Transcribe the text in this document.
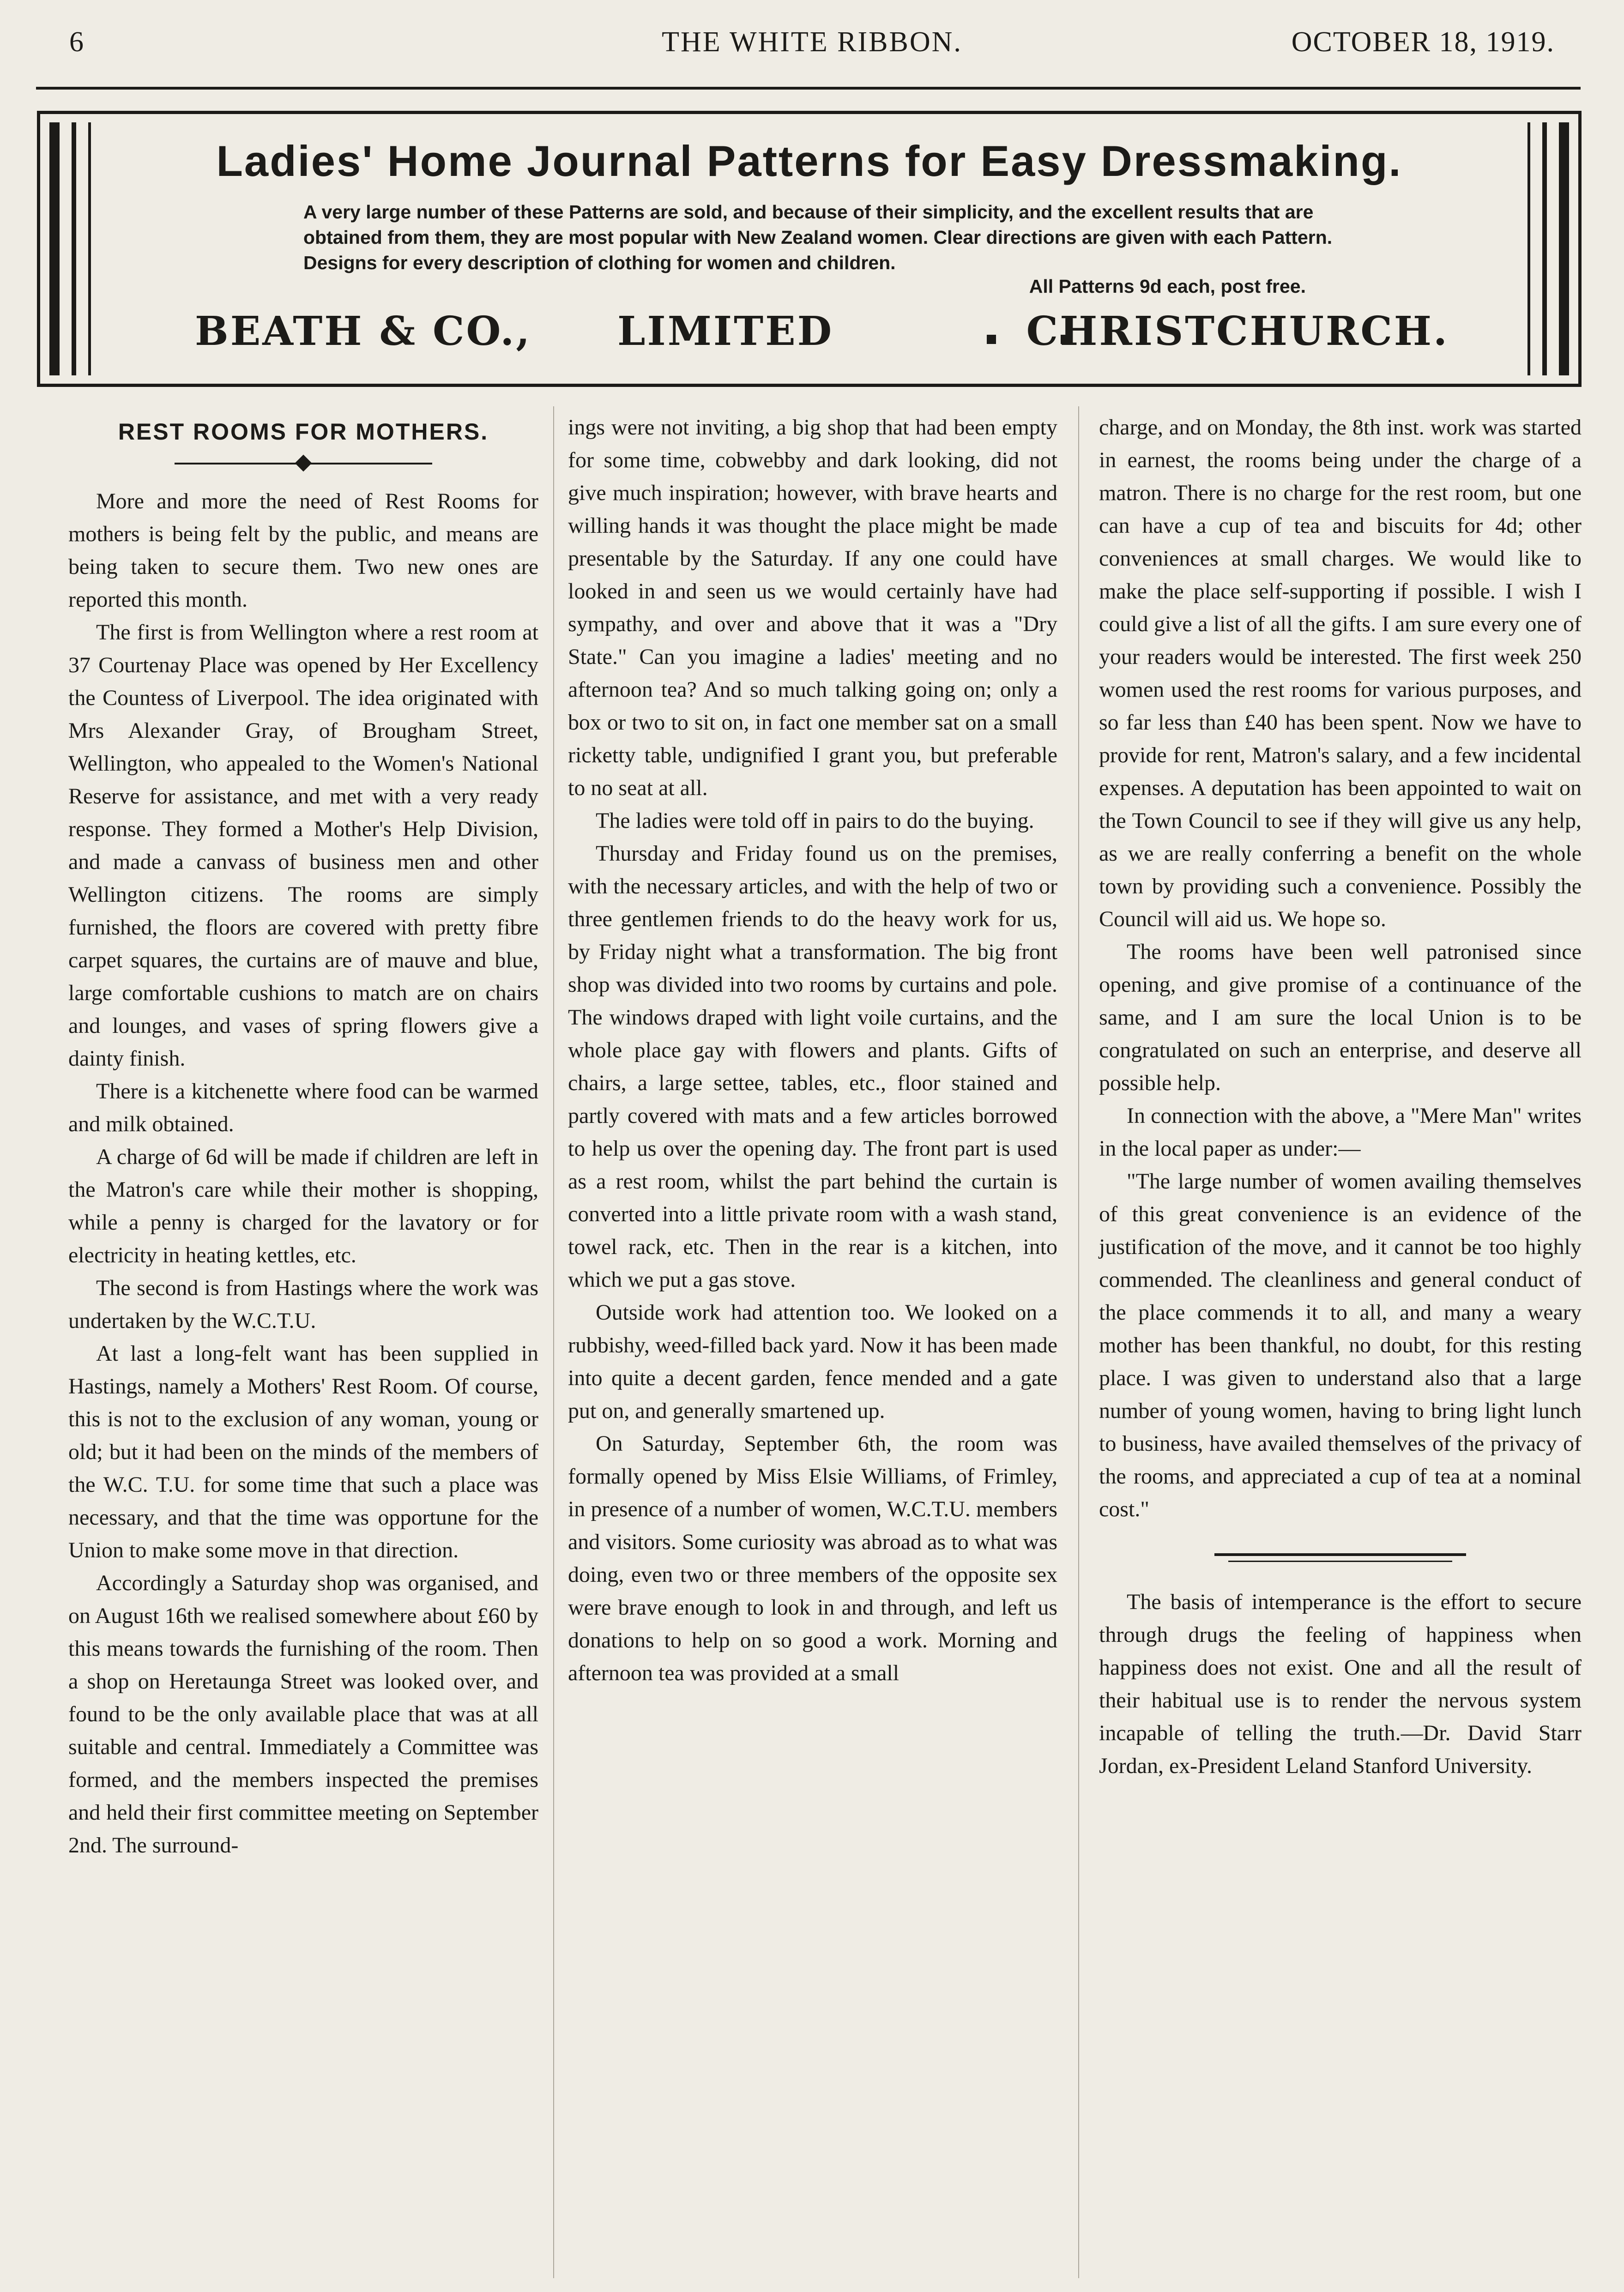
6	THE WHITE RIBBON.	OCTOBER 18, 1919.
Ladies' Home Journal Patterns for Easy Dressmaking.
A very large number of these Patterns are sold, and because of their simplicity, and the excellent results that are obtained from them, they are most popular with New Zealand women. Clear directions are given with each Pattern. Designs for every description of clothing for women and children.
All Patterns 9d each, post free.
BEATH & CO., LIMITED	CHRISTCHURCH.
REST ROOMS FOR MOTHERS.

More and more the need of Rest Rooms for mothers is being felt by the public, and means are being taken to secure them. Two new ones are reported this month.

The first is from Wellington where a rest room at 37 Courtenay Place was opened by Her Excellency the Countess of Liverpool. The idea originated with Mrs Alexander Gray, of Brougham Street, Wellington, who appealed to the Women's National Reserve for assistance, and met with a very ready response. They formed a Mother's Help Division, and made a canvass of business men and other Wellington citizens. The rooms are simply furnished, the floors are covered with pretty fibre carpet squares, the curtains are of mauve and blue, large comfortable cushions to match are on chairs and lounges, and vases of spring flowers give a dainty finish.

There is a kitchenette where food can be warmed and milk obtained.

A charge of 6d will be made if children are left in the Matron's care while their mother is shopping, while a penny is charged for the lavatory or for electricity in heating kettles, etc.

The second is from Hastings where the work was undertaken by the W.C.T.U.

At last a long-felt want has been supplied in Hastings, namely a Mothers' Rest Room. Of course, this is not to the exclusion of any woman, young or old; but it had been on the minds of the members of the W.C. T.U. for some time that such a place was necessary, and that the time was opportune for the Union to make some move in that direction.

Accordingly a Saturday shop was organised, and on August 16th we realised somewhere about £60 by this means towards the furnishing of the room. Then a shop on Heretaunga Street was looked over, and found to be the only available place that was at all suitable and central. Immediately a Committee was formed, and the members inspected the premises and held their first committee meeting on September 2nd. The surround-

ings were not inviting, a big shop that had been empty for some time, cobwebby and dark looking, did not give much inspiration; however, with brave hearts and willing hands it was thought the place might be made presentable by the Saturday. If any one could have looked in and seen us we would certainly have had sympathy, and over and above that it was a "Dry State." Can you imagine a ladies' meeting and no afternoon tea? And so much talking going on; only a box or two to sit on, in fact one member sat on a small ricketty table, undignified I grant you, but preferable to no seat at all.

The ladies were told off in pairs to do the buying.

Thursday and Friday found us on the premises, with the necessary articles, and with the help of two or three gentlemen friends to do the heavy work for us, by Friday night what a transformation. The big front shop was divided into two rooms by curtains and pole. The windows draped with light voile curtains, and the whole place gay with flowers and plants. Gifts of chairs, a large settee, tables, etc., floor stained and partly covered with mats and a few articles borrowed to help us over the opening day. The front part is used as a rest room, whilst the part behind the curtain is converted into a little private room with a wash stand, towel rack, etc. Then in the rear is a kitchen, into which we put a gas stove.

Outside work had attention too. We looked on a rubbishy, weed-filled back yard. Now it has been made into quite a decent garden, fence mended and a gate put on, and generally smartened up.

On Saturday, September 6th, the room was formally opened by Miss Elsie Williams, of Frimley, in presence of a number of women, W.C.T.U. members and visitors. Some curiosity was abroad as to what was doing, even two or three members of the opposite sex were brave enough to look in and through, and left us donations to help on so good a work. Morning and afternoon tea was provided at a small

charge, and on Monday, the 8th inst. work was started in earnest, the rooms being under the charge of a matron. There is no charge for the rest room, but one can have a cup of tea and biscuits for 4d; other conveniences at small charges. We would like to make the place self-supporting if possible. I wish I could give a list of all the gifts. I am sure every one of your readers would be interested. The first week 250 women used the rest rooms for various purposes, and so far less than £40 has been spent. Now we have to provide for rent, Matron's salary, and a few incidental expenses. A deputation has been appointed to wait on the Town Council to see if they will give us any help, as we are really conferring a benefit on the whole town by providing such a convenience. Possibly the Council will aid us. We hope so.

The rooms have been well patronised since opening, and give promise of a continuance of the same, and I am sure the local Union is to be congratulated on such an enterprise, and deserve all possible help.

In connection with the above, a "Mere Man" writes in the local paper as under:—

"The large number of women availing themselves of this great convenience is an evidence of the justification of the move, and it cannot be too highly commended. The cleanliness and general conduct of the place commends it to all, and many a weary mother has been thankful, no doubt, for this resting place. I was given to understand also that a large number of young women, having to bring light lunch to business, have availed themselves of the privacy of the rooms, and appreciated a cup of tea at a nominal cost."

The basis of intemperance is the effort to secure through drugs the feeling of happiness when happiness does not exist. One and all the result of their habitual use is to render the nervous system incapable of telling the truth.—Dr. David Starr Jordan, ex-President Leland Stanford University.
